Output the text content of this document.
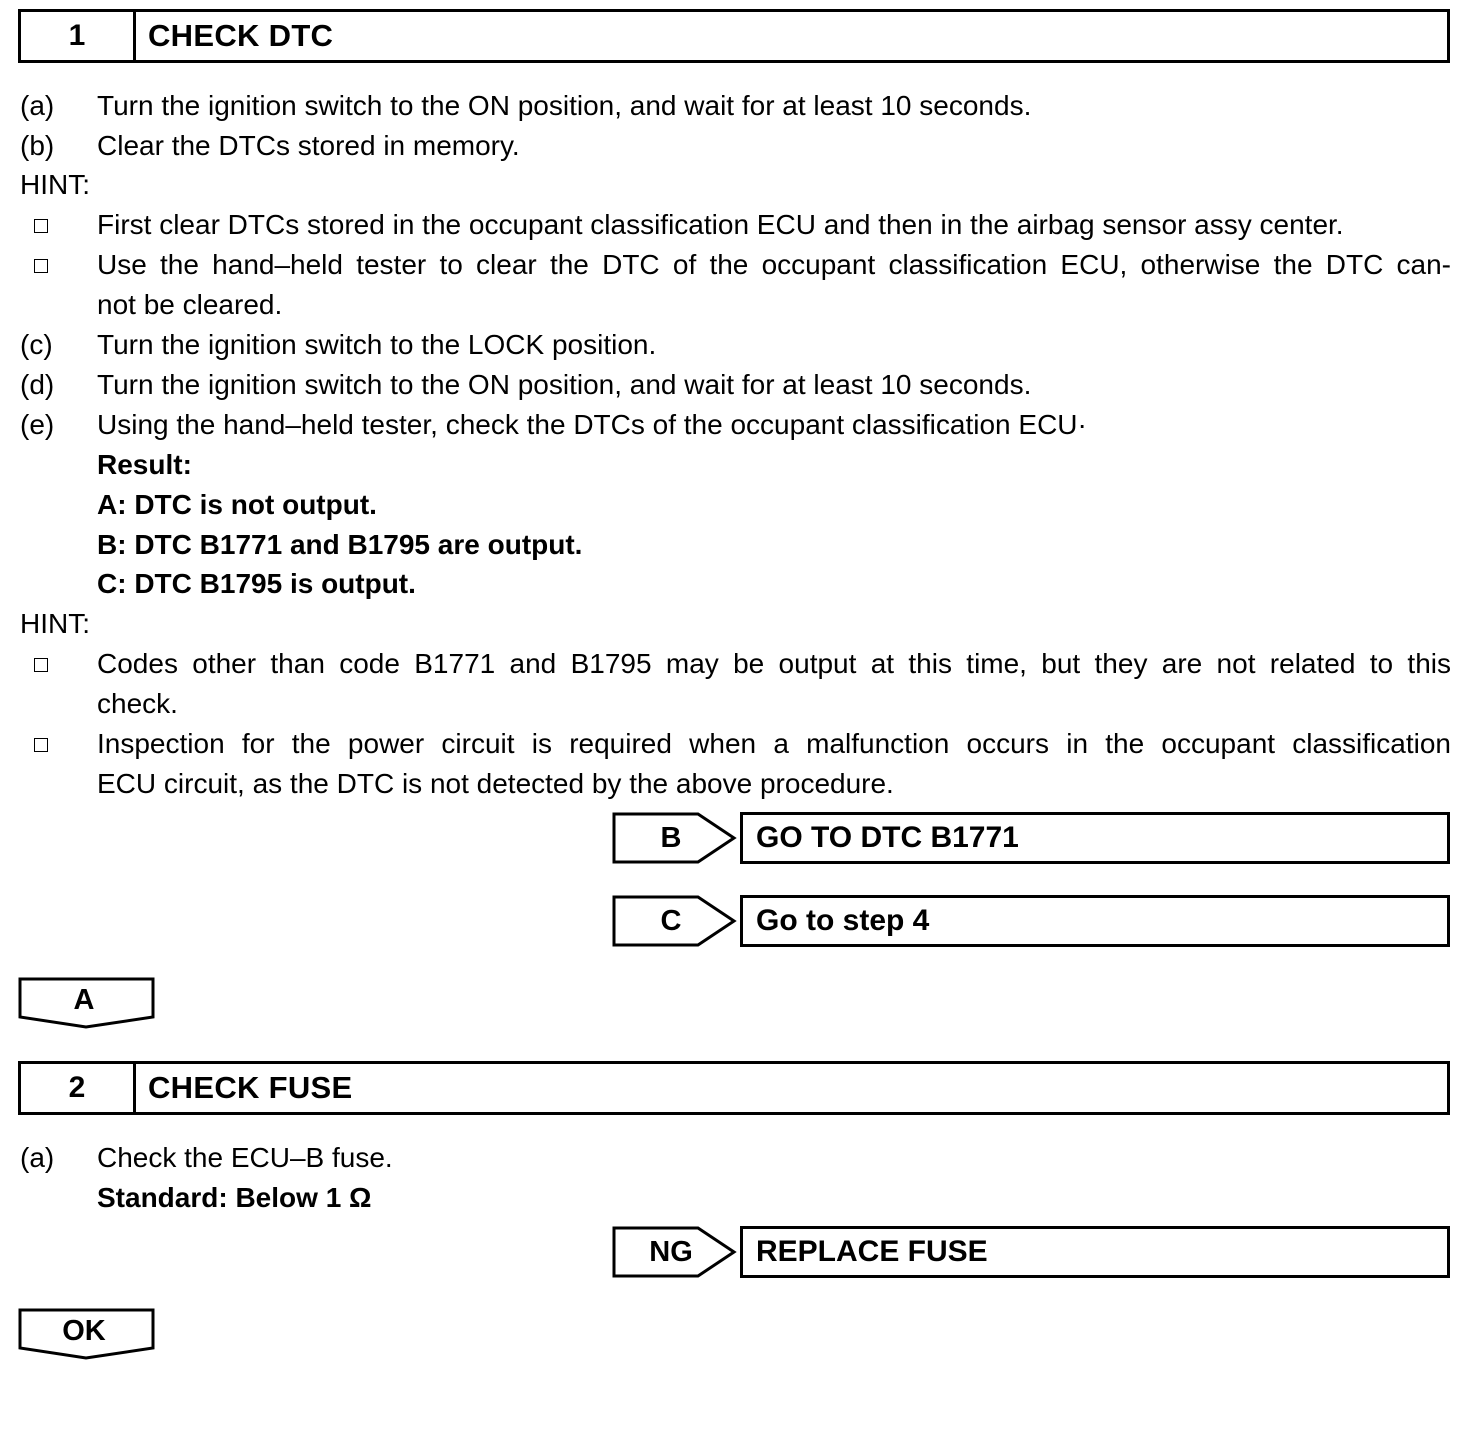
1	CHECK DTC
(a) Turn the ignition switch to the ON position, and wait for at least 10 seconds.
(b) Clear the DTCs stored in memory.
HINT:
First clear DTCs stored in the occupant classification ECU and then in the airbag sensor assy center.
Use the hand–held tester to clear the DTC of the occupant classification ECU, otherwise the DTC can-
not be cleared.
(c) Turn the ignition switch to the LOCK position.
(d) Turn the ignition switch to the ON position, and wait for at least 10 seconds.
(e) Using the hand–held tester, check the DTCs of the occupant classification ECU·
Result:
A: DTC is not output.
B: DTC B1771 and B1795 are output.
C: DTC B1795 is output.
HINT:
Codes other than code B1771 and B1795 may be output at this time, but they are not related to this
check.
Inspection for the power circuit is required when a malfunction occurs in the occupant classification
ECU circuit, as the DTC is not detected by the above procedure.
B	GO TO DTC B1771
C	Go to step 4
A
2	CHECK FUSE
(a) Check the ECU–B fuse.
Standard: Below 1 Ω
NG	REPLACE FUSE
OK
